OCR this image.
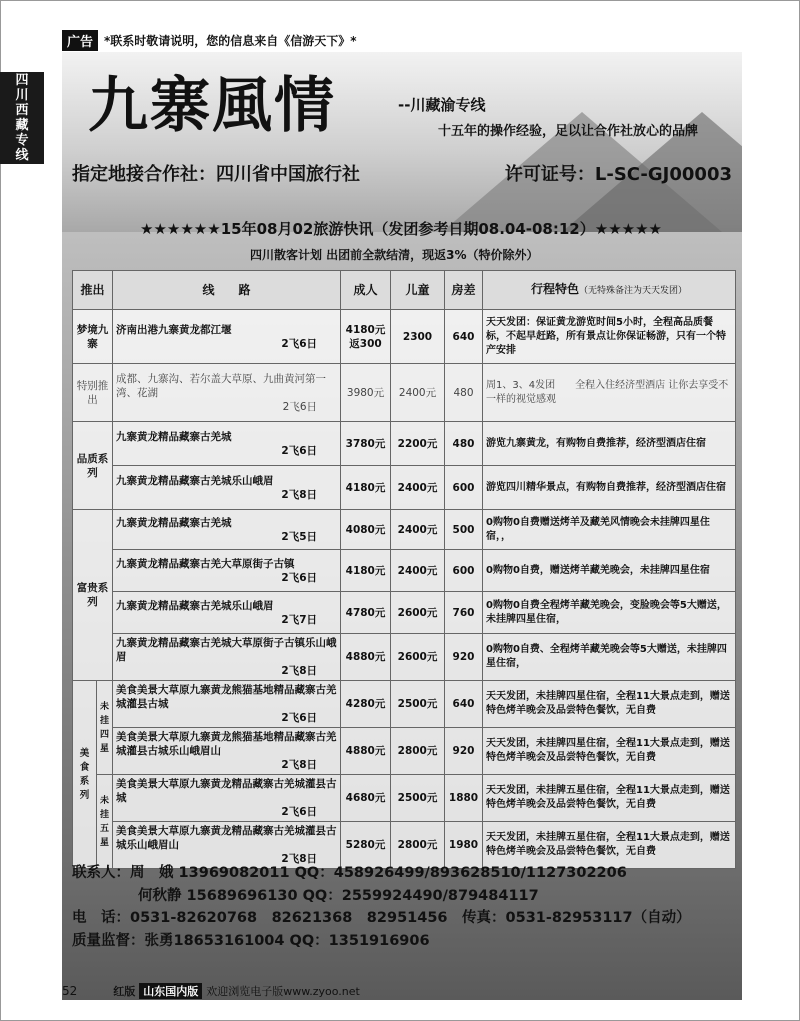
广告 *联系时敬请说明，您的信息来自《信游天下》*
四
川
西
藏
专
线
九寨風情	--川藏渝专线
十五年的操作经验，足以让合作社放心的品牌
指定地接合作社：四川省中国旅行社	许可证号：L-SC-GJ00003
★★★★★★15年08月02旅游快讯（发团参考日期08.04-08:12）★★★★★
四川散客计划 出团前全款结清，现返3%（特价除外）
推出		线　　路	成人	儿童	房差	行程特色（无特殊备注为天天发团）
梦境九寨		济南出港九寨黄龙都江堰
2飞6日	4180元 返300	2300	640	天天发团：保证黄龙游览时间5小时，全程高品质餐标，不起早赶路，所有景点让你保证畅游，只有一个特产安排
特别推出		成都、九寨沟、若尔盖大草原、九曲黄河第一湾、花湖
2飞6日	3980元	2400元	480	周1、3、4发团　　全程入住经济型酒店 让你去享受不一样的视觉感观
品质系列		九寨黄龙精品藏寨古羌城
2飞6日	3780元	2200元	480	游览九寨黄龙，有购物自费推荐，经济型酒店住宿

		九寨黄龙精品藏寨古羌城乐山峨眉
2飞8日	4180元	2400元	600	游览四川精华景点，有购物自费推荐，经济型酒店住宿
富贵系列		九寨黄龙精品藏寨古羌城
2飞5日	4080元	2400元	500	0购物0自费赠送烤羊及藏羌风情晚会未挂牌四星住宿，，

		九寨黄龙精品藏寨古羌大草原街子古镇
2飞6日	4180元	2400元	600	0购物0自费，赠送烤羊藏羌晚会，未挂牌四星住宿

		九寨黄龙精品藏寨古羌城乐山峨眉
2飞7日	4780元	2600元	760	0购物0自费全程烤羊藏羌晚会，变脸晚会等5大赠送，未挂牌四星住宿，

		九寨黄龙精品藏寨古羌城大草原街子古镇乐山峨眉
2飞8日	4880元	2600元	920	0购物0自费、全程烤羊藏羌晚会等5大赠送，未挂牌四星住宿，
美食系列	未挂四星	美食美景大草原九寨黄龙熊猫基地精品藏寨古羌城灌县古城
2飞6日	4280元	2500元	640	天天发团，未挂牌四星住宿，全程11大景点走到，赠送特色烤羊晚会及品尝特色餐饮，无自费

		美食美景大草原九寨黄龙熊猫基地精品藏寨古羌城灌县古城乐山峨眉山
2飞8日	4880元	2800元	920	天天发团，未挂牌四星住宿，全程11大景点走到，赠送特色烤羊晚会及品尝特色餐饮，无自费
	未挂五星	美食美景大草原九寨黄龙精品藏寨古羌城灌县古城
2飞6日	4680元	2500元	1880	天天发团，未挂牌五星住宿，全程11大景点走到，赠送特色烤羊晚会及品尝特色餐饮，无自费

		美食美景大草原九寨黄龙精品藏寨古羌城灌县古城乐山峨眉山
2飞8日	5280元	2800元	1980	天天发团，未挂牌五星住宿，全程11大景点走到，赠送特色烤羊晚会及品尝特色餐饮，无自费
联系人：周　娥 13969082011 QQ：458926499/893628510/1127302206
何秋静 15689696130 QQ：2559924490/879484117
电　话：0531-82620768　82621368　82951456　传真：0531-82953117（自动）
质量监督：张勇18653161004 QQ：1351916906
52	红版 山东国内版 欢迎浏览电子版www.zyoo.net
